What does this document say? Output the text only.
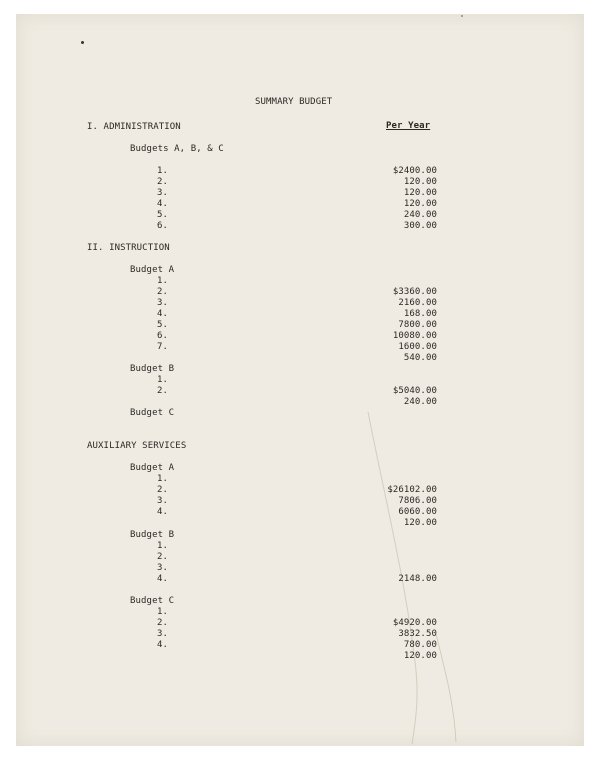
SUMMARY BUDGET
Per Year
I. ADMINISTRATION
Budgets A, B, & C
1.	$2400.00
2.	120.00
3.	120.00
4.	120.00
5.	240.00
6.	300.00
II. INSTRUCTION
Budget A
1.
2.	$3360.00
3.	2160.00
4.	168.00
5.	7800.00
6.	10080.00
7.	1600.00
540.00
Budget B
1.
2.	$5040.00
240.00
Budget C
AUXILIARY SERVICES
Budget A
1.
2.	$26102.00
3.	7806.00
4.	6060.00
120.00
Budget B
1.
2.
3.
4.	2148.00
Budget C
1.
2.	$4920.00
3.	3832.50
4.	780.00
120.00
